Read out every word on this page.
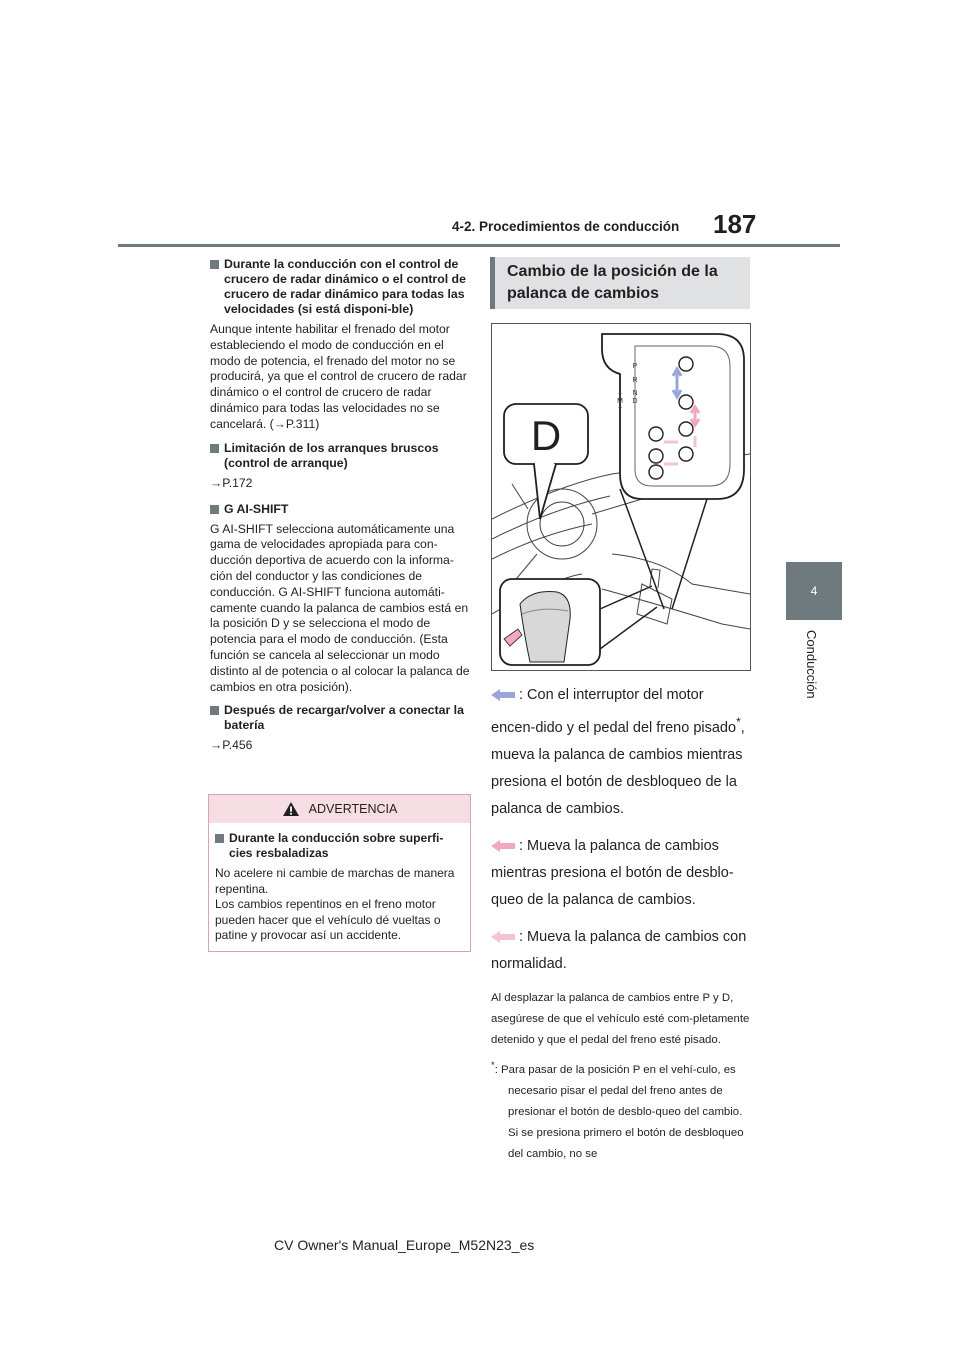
4-2. Procedimientos de conducción 187
4
Conducción
Durante la conducción con el control de crucero de radar dinámico o el control de crucero de radar dinámico para todas las velocidades (si está disponi-ble)

Aunque intente habilitar el frenado del motor estableciendo el modo de conducción en el modo de potencia, el frenado del motor no se producirá, ya que el control de crucero de radar dinámico o el control de crucero de radar dinámico para todas las velocidades no se cancelará. (→P.311)

Limitación de los arranques bruscos (control de arranque)

→P.172

G AI-SHIFT

G AI-SHIFT selecciona automáticamente una gama de velocidades apropiada para con-ducción deportiva de acuerdo con la informa-ción del conductor y las condiciones de conducción. G AI-SHIFT funciona automáti-camente cuando la palanca de cambios está en la posición D y se selecciona el modo de potencia para el modo de conducción. (Esta función se cancela al seleccionar un modo distinto al de potencia o al colocar la palanca de cambios en otra posición).

Después de recargar/volver a conectar la batería

→P.456

ADVERTENCIA
Durante la conducción sobre superfi-cies resbaladizas

No acelere ni cambie de marchas de manera repentina.

Los cambios repentinos en el freno motor pueden hacer que el vehículo dé vueltas o patine y provocar así un accidente.

Cambio de la posición de la palanca de cambios
D
P
R
N
D
+
M
−

: Con el interruptor del motor encen-dido y el pedal del freno pisado*, mueva la palanca de cambios mientras presiona el botón de desbloqueo de la palanca de cambios.

: Mueva la palanca de cambios mientras presiona el botón de desblo-queo de la palanca de cambios.

: Mueva la palanca de cambios con normalidad.

Al desplazar la palanca de cambios entre P y D, asegúrese de que el vehículo esté com-pletamente detenido y que el pedal del freno esté pisado.

*: Para pasar de la posición P en el vehí-culo, es necesario pisar el pedal del freno antes de presionar el botón de desblo-queo del cambio. Si se presiona primero el botón de desbloqueo del cambio, no se

CV Owner's Manual_Europe_M52N23_es
